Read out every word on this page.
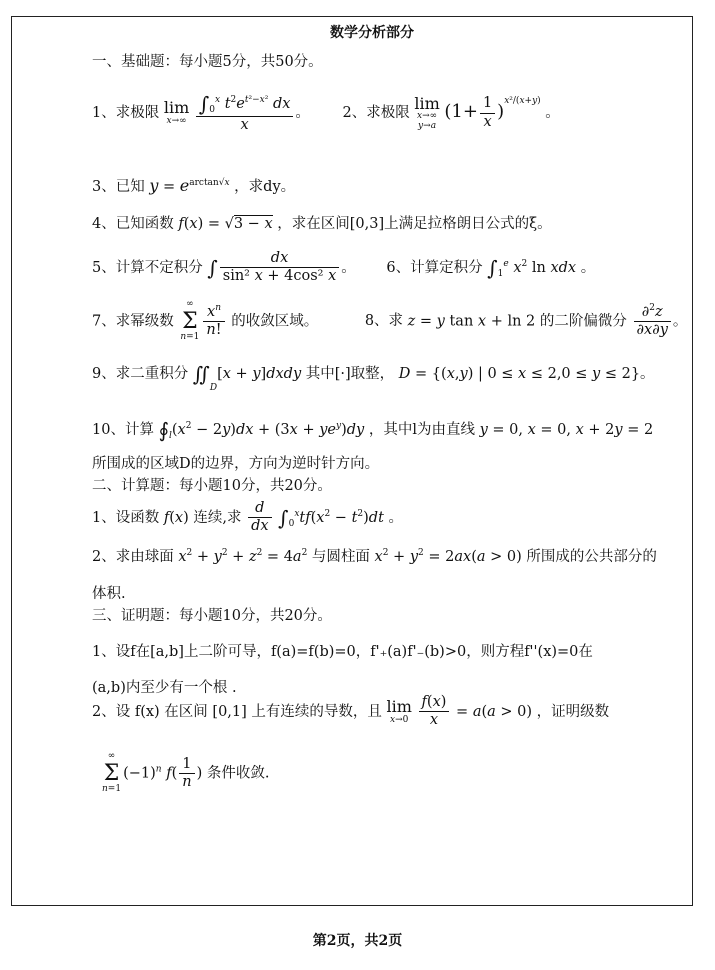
数学分析部分
一、基础题：每小题5分，共50分。
1、求极限 lim
x→∞
$\frac{\int_0^x t^2e^{t^2-x^2} dx}{x}$ 。 2、求极限
lim
x→∞
y→a
$(1+ \frac{1}{x} )^{x^2/(x+y)}$ 。
3、已知 $y = e^{arctan√x}$ ，求dy。
4、已知函数 f(x) = √3 − x ，求在区间[0,3]上满足拉格朗日公式的ξ。
5、计算不定积分 ∫ $\frac{dx}{\text{sin² x + 4cos² x}}$ 。 6、计算定积分 $\int_1^e$ $x^2$ ln xdx 。
7、求幂级数
∞
Σ
$n=1 \frac{x^n}{n!}$ 的收敛区域。	8、求 z = y tan x + ln 2 的二阶偏微分 $\frac{\partial^2z}{\partial x\partial y}$ 。
9、求二重积分 $∬_D[x$ + y]dxdy 其中[·]取整， D = {(x,y) | 0 ≤ x ≤ 2,0 ≤ y ≤ 2}。
10、计算 $∮_l(x^2 - 2y)dx + (3x + ye^y)dy$ ，其中l为由直线 y = 0, x = 0, x + 2y = 2
所围成的区域D的边界，方向为逆时针方向。
二、计算题：每小题10分，共20分。
1、设函数 f(x) 连续,求 $\frac{d}{dx} \int_0^xtf(x^2 - t^2)dt$ 。
2、求由球面 $x^2 + y^2 + z^2 = 4a^2$ 与圆柱面 $x^2 + y^2 = 2ax(a > 0)$ 所围成的公共部分的
体积.
三、证明题：每小题10分，共20分。
1、设f在[a,b]上二阶可导，f(a)=f(b)=0，f'₊(a)f'₋(b)>0，则方程f''(x)=0在
(a,b)内至少有一个根 .
2、设 f(x) 在区间 [0,1] 上有连续的导数，且 lim
x→0
$\frac{f(x)}{x} = a(a > 0)$ ，证明级数
∞
Σ
n=1
$(-1)^n$ $f( \frac{1}{n}$ ) 条件收敛.
第2页，共2页
